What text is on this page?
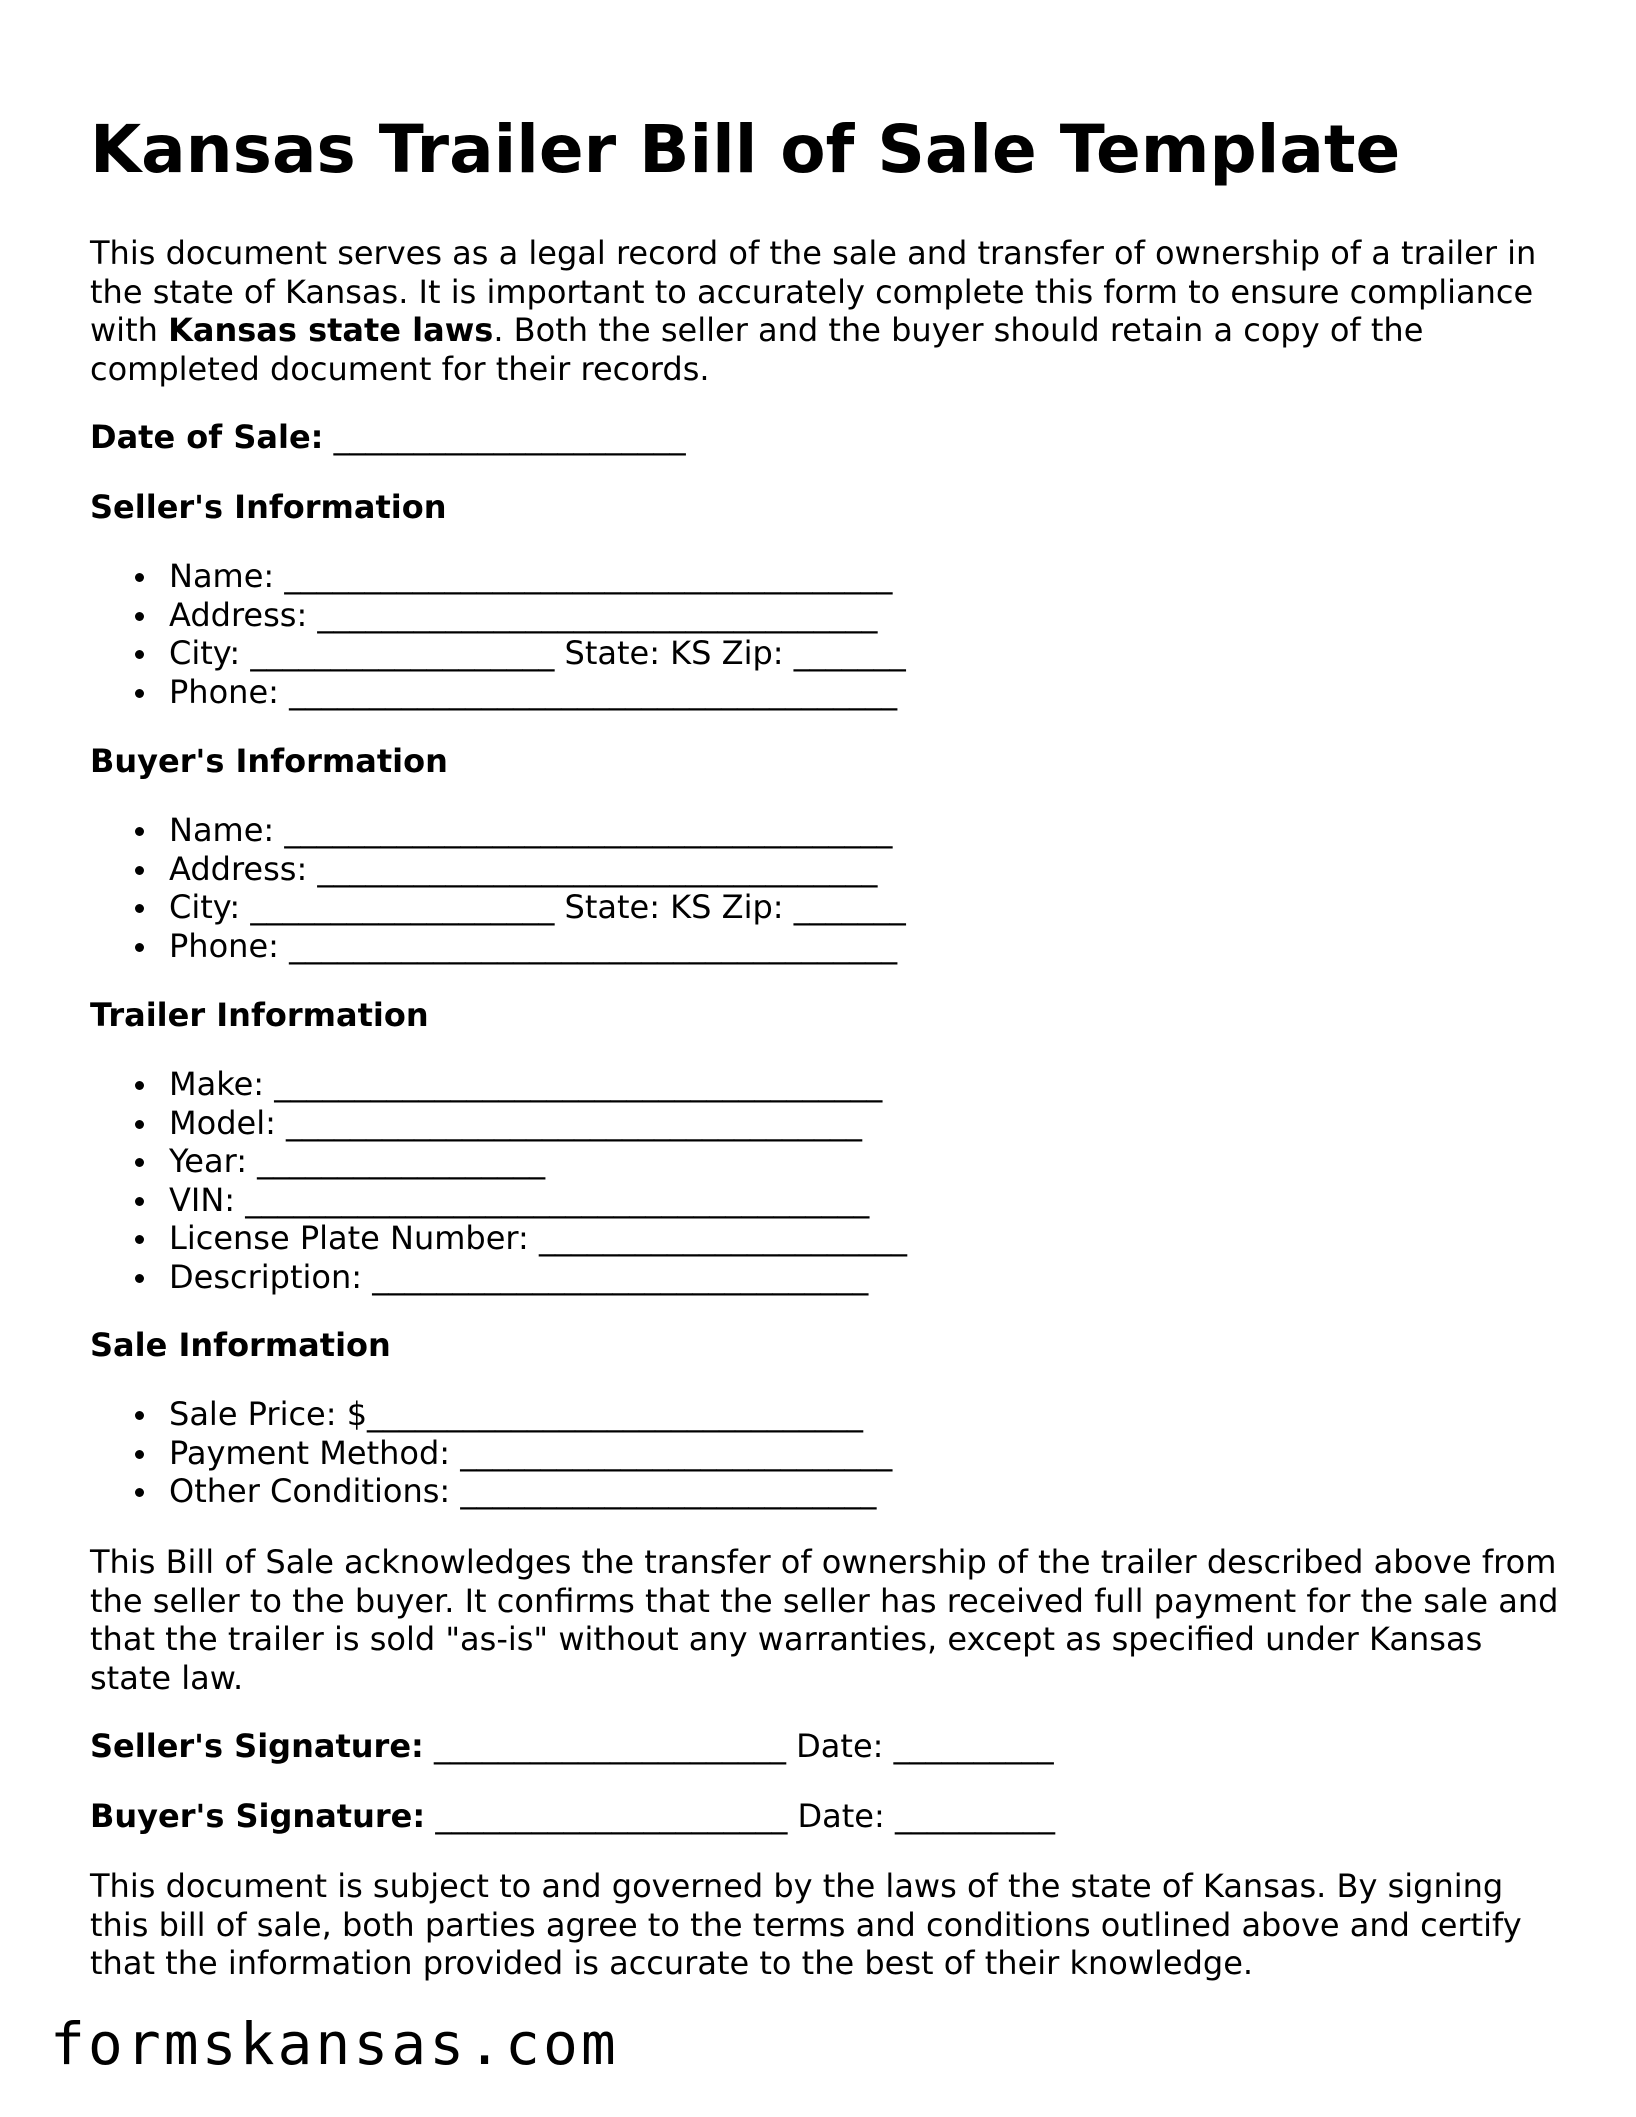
Kansas Trailer Bill of Sale Template

This document serves as a legal record of the sale and transfer of ownership of a trailer in the state of Kansas. It is important to accurately complete this form to ensure compliance with Kansas state laws. Both the seller and the buyer should retain a copy of the completed document for their records.

Date of Sale: ______________________

Seller's Information
Name: ______________________________________
Address: ___________________________________
City: ___________________ State: KS Zip: _______
Phone: ______________________________________
Buyer's Information
Name: ______________________________________
Address: ___________________________________
City: ___________________ State: KS Zip: _______
Phone: ______________________________________
Trailer Information
Make: ______________________________________
Model: ____________________________________
Year: __________________
VIN: _______________________________________
License Plate Number: _______________________
Description: _______________________________
Sale Information
Sale Price: $_______________________________
Payment Method: ___________________________
Other Conditions: __________________________

This Bill of Sale acknowledges the transfer of ownership of the trailer described above from the seller to the buyer. It confirms that the seller has received full payment for the sale and that the trailer is sold "as-is" without any warranties, except as specified under Kansas state law.

Seller's Signature: ______________________ Date: __________

Buyer's Signature: ______________________ Date: __________

This document is subject to and governed by the laws of the state of Kansas. By signing this bill of sale, both parties agree to the terms and conditions outlined above and certify that the information provided is accurate to the best of their knowledge.

formskansas.com
